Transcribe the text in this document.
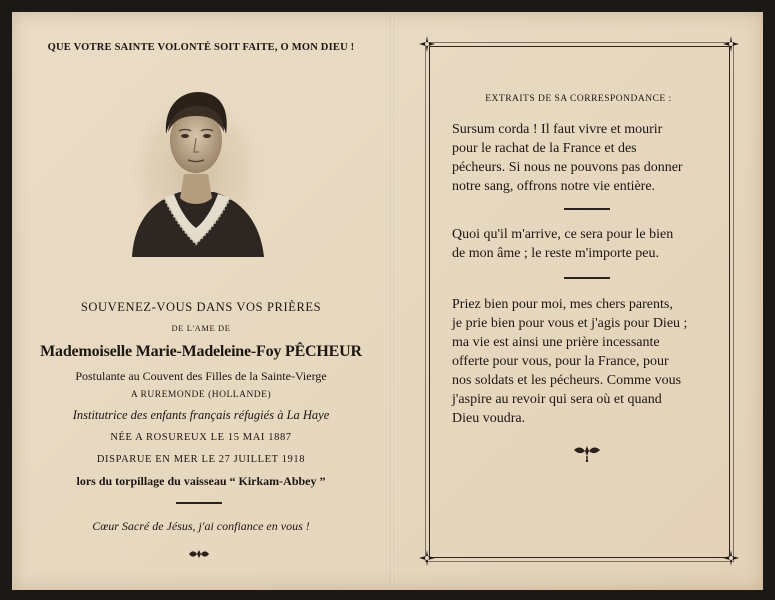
QUE VOTRE SAINTE VOLONTÉ SOIT FAITE, O MON DIEU !
SOUVENEZ-VOUS DANS VOS PRIÈRES
DE L'AME DE
Mademoiselle Marie-Madeleine-Foy PÊCHEUR
Postulante au Couvent des Filles de la Sainte-Vierge
A RUREMONDE (HOLLANDE)
Institutrice des enfants français réfugiés à La Haye
NÉE A ROSUREUX LE 15 MAI 1887
DISPARUE EN MER LE 27 JUILLET 1918
lors du torpillage du vaisseau “ Kirkam-Abbey ”
Cœur Sacré de Jésus, j'ai confiance en vous !
EXTRAITS DE SA CORRESPONDANCE :
Sursum corda ! Il faut vivre et mourir
pour le rachat de la France et des
pécheurs. Si nous ne pouvons pas donner
notre sang, offrons notre vie entière.
Quoi qu'il m'arrive, ce sera pour le bien
de mon âme ; le reste m'importe peu.
Priez bien pour moi, mes chers parents,
je prie bien pour vous et j'agis pour Dieu ;
ma vie est ainsi une prière incessante
offerte pour vous, pour la France, pour
nos soldats et les pécheurs. Comme vous
j'aspire au revoir qui sera où et quand
Dieu voudra.
